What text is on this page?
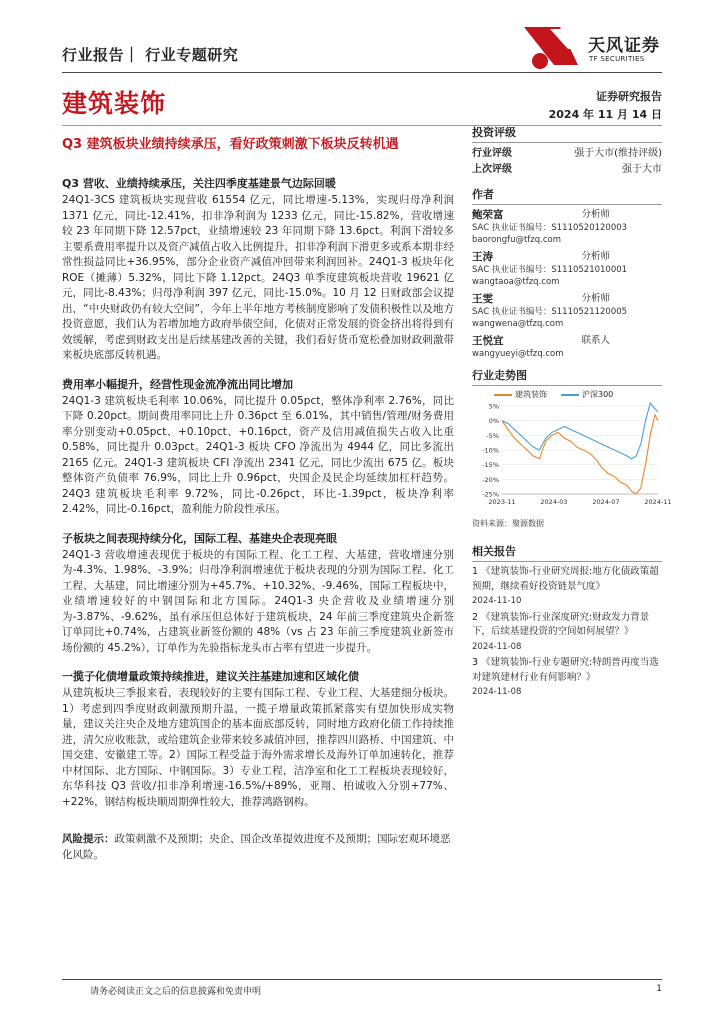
行业报告｜ 行业专题研究	天风证券
TF SECURITIES
建筑装饰	证券研究报告
2024 年 11 月 14 日
Q3 建筑板块业绩持续承压，看好政策刺激下板块反转机遇
Q3 营收、业绩持续承压，关注四季度基建景气边际回暖

24Q1-3CS 建筑板块实现营收 61554 亿元，同比增速-5.13%，实现归母净利润 1371 亿元，同比-12.41%，扣非净利润为 1233 亿元，同比-15.82%，营收增速较 23 年同期下降 12.57pct，业绩增速较 23 年同期下降 13.6pct。利润下滑较多主要系费用率提升以及资产减值占收入比例提升，扣非净利润下滑更多或系本期非经常性损益同比+36.95%，部分企业资产减值冲回带来利润回补。24Q1-3 板块年化 ROE（摊薄）5.32%，同比下降 1.12pct。24Q3 单季度建筑板块营收 19621 亿元，同比-8.43%；归母净利润 397 亿元，同比-15.0%。10 月 12 日财政部会议提出，“中央财政仍有较大空间”，今年上半年地方考核制度影响了发债积极性以及地方投资意愿，我们认为若增加地方政府举债空间，化债对正常发展的资金挤出将得到有效缓解，考虑到财政支出是后续基建改善的关键，我们看好货币宽松叠加财政刺激带来板块底部反转机遇。

费用率小幅提升，经营性现金流净流出同比增加

24Q1-3 建筑板块毛利率 10.06%，同比提升 0.05pct，整体净利率 2.76%，同比下降 0.20pct。期间费用率同比上升 0.36pct 至 6.01%，其中销售/管理/财务费用率分别变动+0.05pct、+0.10pct、+0.16pct，资产及信用减值损失占收入比重 0.58%，同比提升 0.03pct。24Q1-3 板块 CFO 净流出为 4944 亿，同比多流出 2165 亿元。24Q1-3 建筑板块 CFI 净流出 2341 亿元，同比少流出 675 亿。板块整体资产负债率 76.9%，同比上升 0.96pct，央国企及民企均延续加杠杆趋势。24Q3 建筑板块毛利率 9.72%，同比-0.26pct，环比-1.39pct，板块净利率 2.42%，同比-0.16pct，盈利能力阶段性承压。

子板块之间表现持续分化，国际工程、基建央企表现亮眼

24Q1-3 营收增速表现优于板块的有国际工程、化工工程、大基建，营收增速分别为-4.3%、1.98%、-3.9%；归母净利润增速优于板块表现的分别为国际工程、化工工程、大基建，同比增速分别为+45.7%、+10.32%、-9.46%，国际工程板块中，业绩增速较好的中钢国际和北方国际。24Q1-3 央企营收及业绩增速分别为-3.87%、-9.62%，虽有承压但总体好于建筑板块，24 年前三季度建筑央企新签订单同比+0.74%，占建筑业新签份额的 48%（vs 占 23 年前三季度建筑业新签市场份额的 45.2%），订单作为先验指标龙头市占率有望进一步提升。

一揽子化债增量政策持续推进，建议关注基建加速和区域化债

从建筑板块三季报来看，表现较好的主要有国际工程、专业工程、大基建细分板块。1）考虑到四季度财政刺激预期升温，一揽子增量政策抓紧落实有望加快形成实物量，建议关注央企及地方建筑国企的基本面底部反转，同时地方政府化债工作持续推进，清欠应收账款，或给建筑企业带来较多减值冲回，推荐四川路桥、中国建筑、中国交建、安徽建工等。2）国际工程受益于海外需求增长及海外订单加速转化，推荐中材国际、北方国际、中钢国际。3）专业工程，洁净室和化工工程板块表现较好，东华科技 Q3 营收/扣非净利增速-16.5%/+89%，亚翔、柏诚收入分别+77%、+22%，钢结构板块顺周期弹性较大，推荐鸿路钢构。

风险提示：政策刺激不及预期；央企、国企改革提效进度不及预期；国际宏观环境恶化风险。
投资评级
行业评级	强于大市(维持评级)
上次评级	强于大市
作者
鲍荣富	分析师
SAC 执业证书编号：S1110520120003
baorongfu@tfzq.com
王涛	分析师
SAC 执业证书编号：S1110521010001
wangtaoa@tfzq.com
王雯	分析师
SAC 执业证书编号：S1110521120005
wangwena@tfzq.com
王悦宜	联系人
wangyueyi@tfzq.com
行业走势图
建筑装饰	沪深300
5%
0%
-5%
-10%
-15%
-20%
-25%
2023-11	2024-03	2024-07	2024-11
资料来源：聚源数据
相关报告
1 《建筑装饰-行业研究周报:地方化债政策超预期，继续看好投资链景气度》
2024-11-10
2 《建筑装饰-行业深度研究:财政发力背景下，后续基建投资的空间如何展望？》
2024-11-08
3 《建筑装饰-行业专题研究:特朗普再度当选对建筑建材行业有何影响？》
2024-11-08
请务必阅读正文之后的信息披露和免责申明	1
